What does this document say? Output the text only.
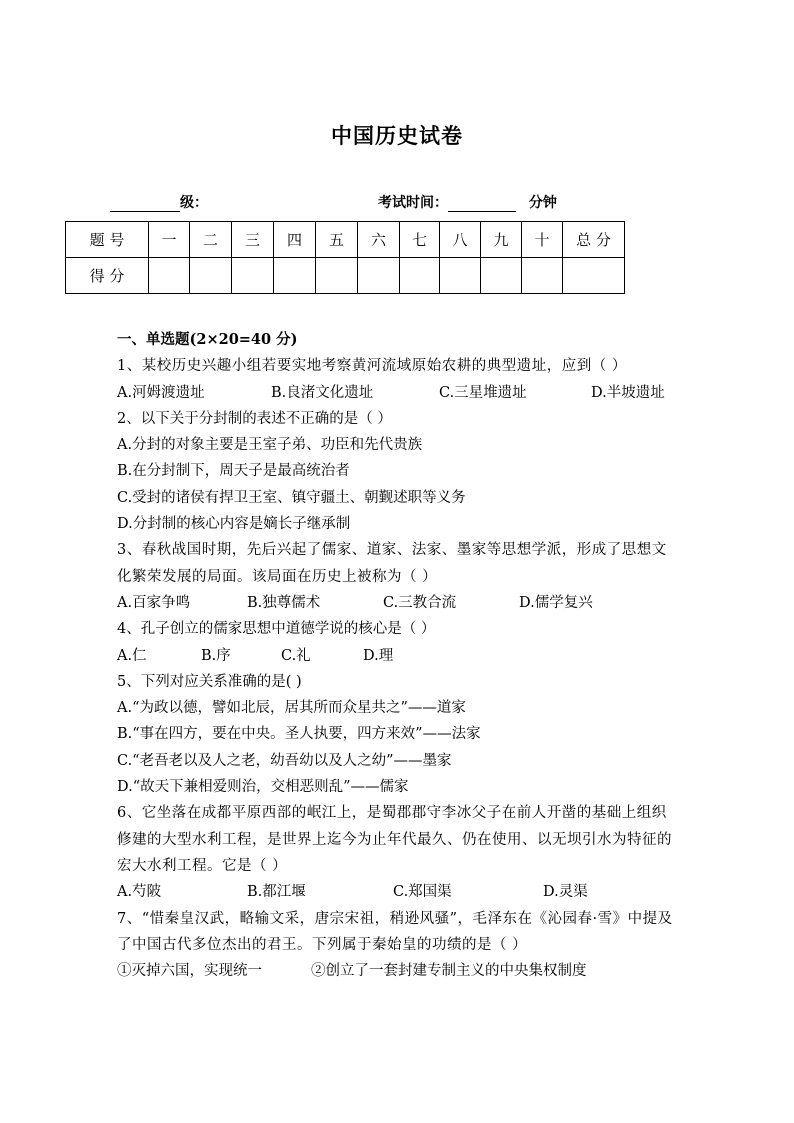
中国历史试卷
级：	考试时间：	分钟
题 号	一	二	三	四	五	六	七	八	九	十	总 分
得 分											
一、单选题(2×20=40 分)
1、某校历史兴趣小组若要实地考察黄河流域原始农耕的典型遗址，应到（ ）
A.河姆渡遗址	B.良渚文化遗址	C.三星堆遗址	D.半坡遗址
2、以下关于分封制的表述不正确的是（ ）
A.分封的对象主要是王室子弟、功臣和先代贵族
B.在分封制下，周天子是最高统治者
C.受封的诸侯有捍卫王室、镇守疆土、朝觐述职等义务
D.分封制的核心内容是嫡长子继承制
3、春秋战国时期，先后兴起了儒家、道家、法家、墨家等思想学派，形成了思想文化繁荣发展的局面。该局面在历史上被称为（ ）
A.百家争鸣	B.独尊儒术	C.三教合流	D.儒学复兴
4、孔子创立的儒家思想中道德学说的核心是（ ）
A.仁	B.序	C.礼	D.理
5、下列对应关系准确的是( )
A.“为政以德，譬如北辰，居其所而众星共之”——道家
B.“事在四方，要在中央。圣人执要，四方来效”——法家
C.“老吾老以及人之老，幼吾幼以及人之幼”——墨家
D.“故天下兼相爱则治，交相恶则乱”——儒家
6、它坐落在成都平原西部的岷江上，是蜀郡郡守李冰父子在前人开凿的基础上组织修建的大型水利工程，是世界上迄今为止年代最久、仍在使用、以无坝引水为特征的宏大水利工程。它是（ ）
A.芍陂	B.都江堰	C.郑国渠	D.灵渠
7、“惜秦皇汉武，略输文采，唐宗宋祖，稍逊风骚”，毛泽东在《沁园春·雪》中提及了中国古代多位杰出的君王。下列属于秦始皇的功绩的是（ ）
①灭掉六国，实现统一	②创立了一套封建专制主义的中央集权制度
